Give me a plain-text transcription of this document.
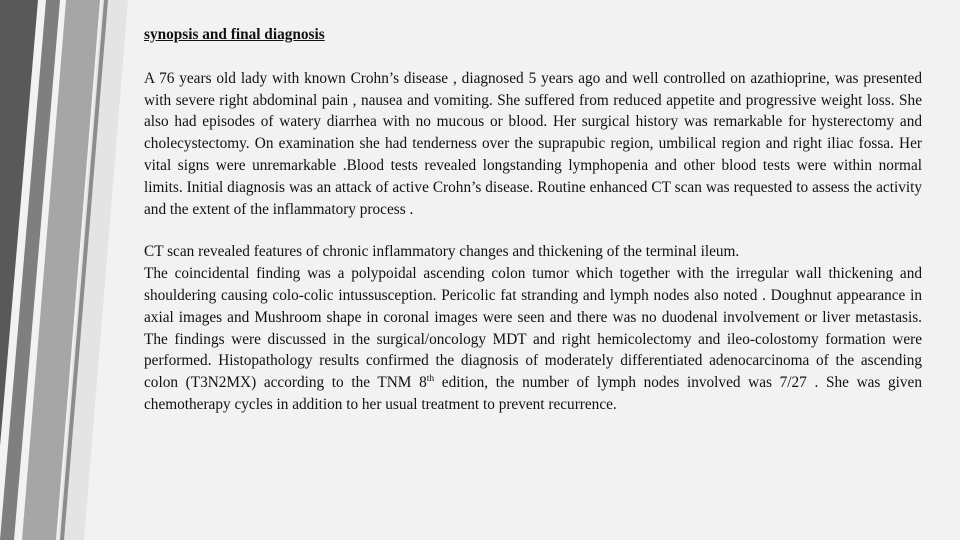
synopsis and final diagnosis

A 76 years old lady with known Crohn’s disease , diagnosed 5 years ago and well controlled on azathioprine, was presented with severe right abdominal pain , nausea and vomiting. She suffered from reduced appetite and progressive weight loss. She also had episodes of watery diarrhea with no mucous or blood. Her surgical history was remarkable for hysterectomy and cholecystectomy. On examination she had tenderness over the suprapubic region, umbilical region and right iliac fossa. Her vital signs were unremarkable .Blood tests revealed longstanding lymphopenia and other blood tests were within normal limits. Initial diagnosis was an attack of active Crohn’s disease. Routine enhanced CT scan was requested to assess the activity and the extent of the inflammatory process .

CT scan revealed features of chronic inflammatory changes and thickening of the terminal ileum.

The coincidental finding was a polypoidal ascending colon tumor which together with the irregular wall thickening and shouldering causing colo-colic intussusception. Pericolic fat stranding and lymph nodes also noted . Doughnut appearance in axial images and Mushroom shape in coronal images were seen and there was no duodenal involvement or liver metastasis. The findings were discussed in the surgical/oncology MDT and right hemicolectomy and ileo-colostomy formation were performed. Histopathology results confirmed the diagnosis of moderately differentiated adenocarcinoma of the ascending colon (T3N2MX) according to the TNM 8th edition, the number of lymph nodes involved was 7/27 . She was given chemotherapy cycles in addition to her usual treatment to prevent recurrence.
